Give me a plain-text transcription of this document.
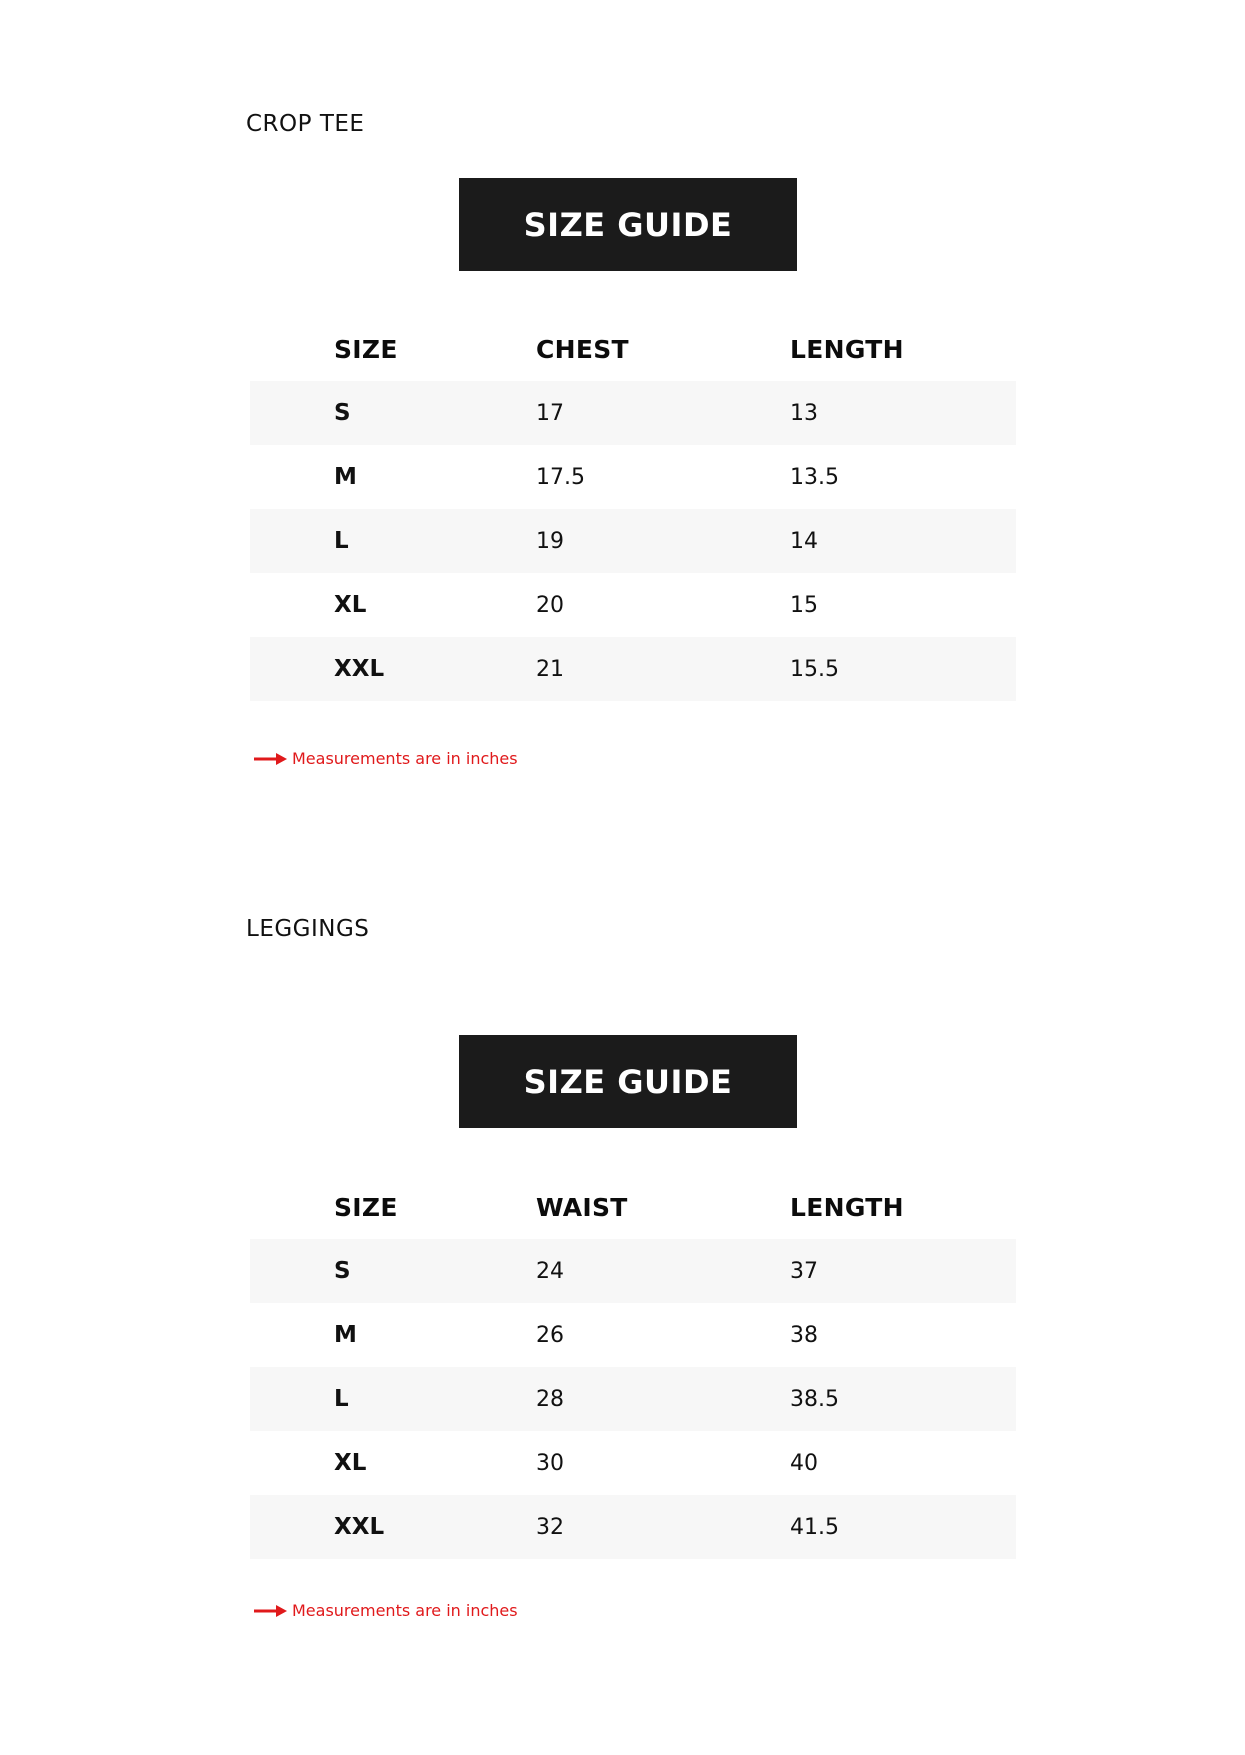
CROP TEE
SIZE GUIDE
SIZE	CHEST	LENGTH
S	17	13
M	17.5	13.5
L	19	14
XL	20	15
XXL	21	15.5
Measurements are in inches
LEGGINGS
SIZE GUIDE
SIZE	WAIST	LENGTH
S	24	37
M	26	38
L	28	38.5
XL	30	40
XXL	32	41.5
Measurements are in inches
